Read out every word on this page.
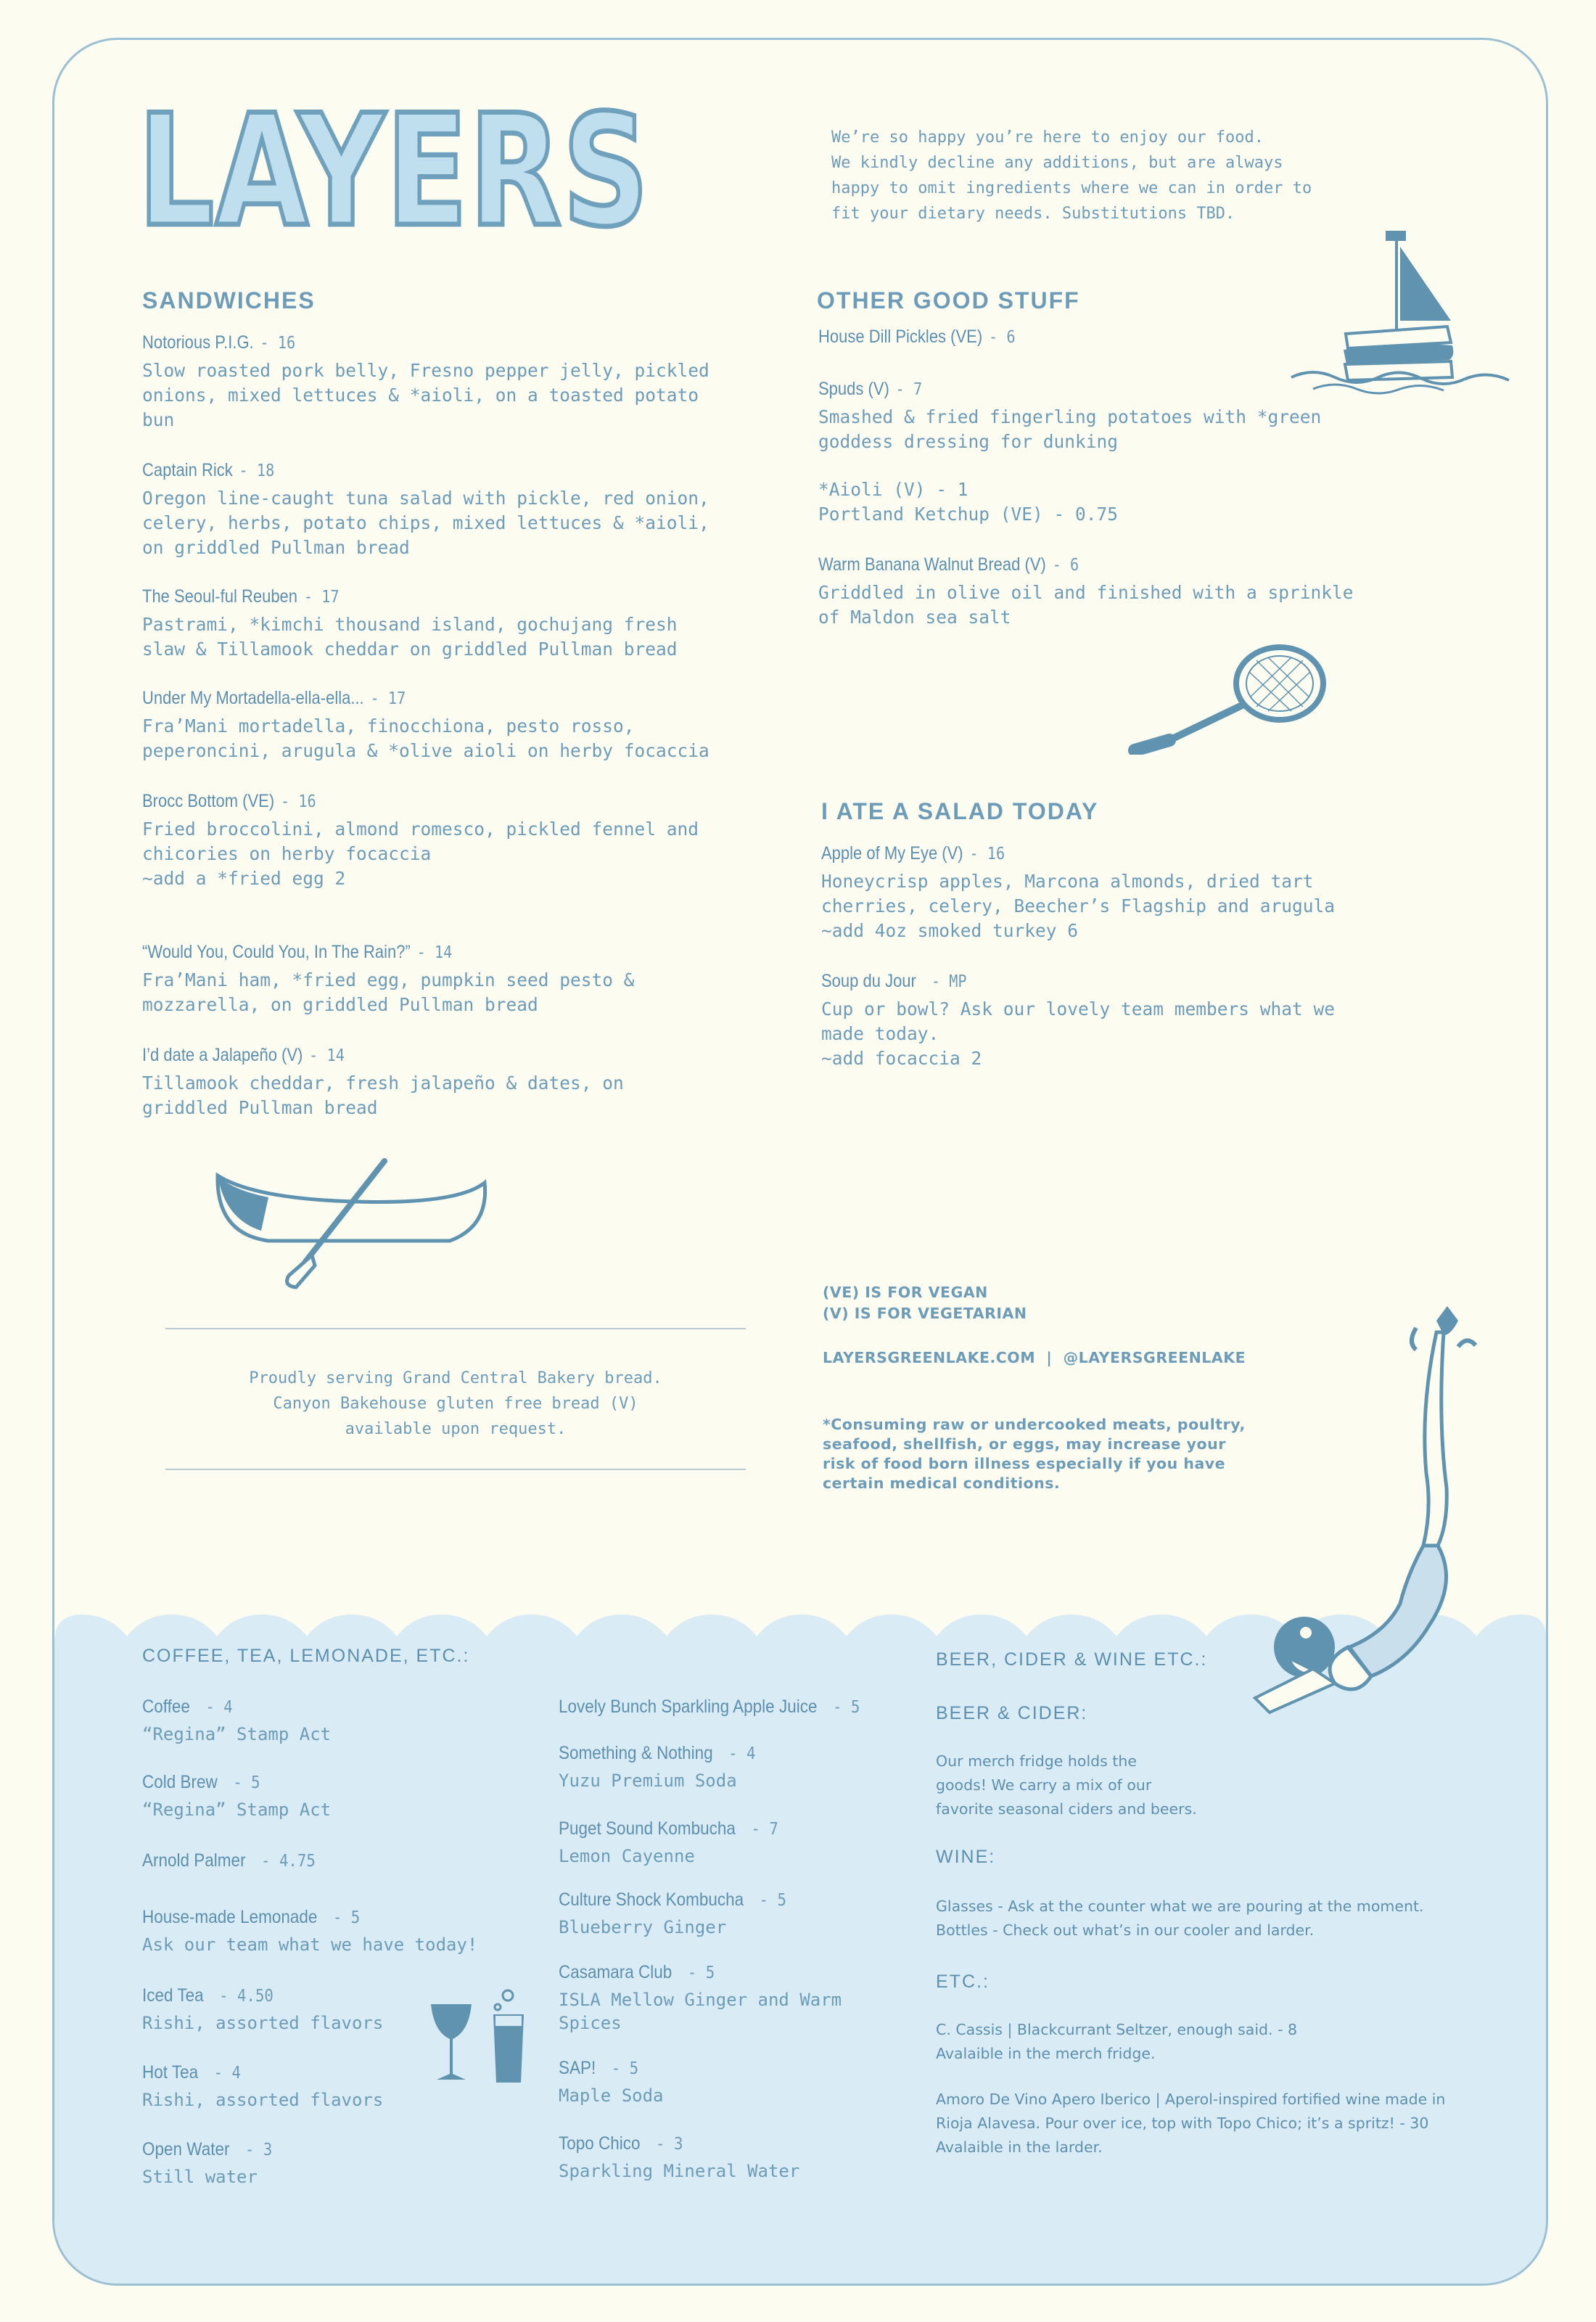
LAYERS	We’re so happy you’re here to enjoy our food.
We kindly decline any additions, but are always
happy to omit ingredients where we can in order to
fit your dietary needs. Substitutions TBD.
SANDWICHES
Notorious P.I.G. - 16
Slow roasted pork belly, Fresno pepper jelly, pickled
onions, mixed lettuces & *aioli, on a toasted potato
bun
Captain Rick - 18
Oregon line-caught tuna salad with pickle, red onion,
celery, herbs, potato chips, mixed lettuces & *aioli,
on griddled Pullman bread
The Seoul-ful Reuben - 17
Pastrami, *kimchi thousand island, gochujang fresh
slaw & Tillamook cheddar on griddled Pullman bread
Under My Mortadella-ella-ella... - 17
Fra’Mani mortadella, finocchiona, pesto rosso,
peperoncini, arugula & *olive aioli on herby focaccia
Brocc Bottom (VE) - 16
Fried broccolini, almond romesco, pickled fennel and
chicories on herby focaccia
~add a *fried egg 2
“Would You, Could You, In The Rain?” - 14
Fra’Mani ham, *fried egg, pumpkin seed pesto &
mozzarella, on griddled Pullman bread
I’d date a Jalapeño (V) - 14
Tillamook cheddar, fresh jalapeño & dates, on
griddled Pullman bread
OTHER GOOD STUFF
House Dill Pickles (VE) - 6
Spuds (V) - 7
Smashed & fried fingerling potatoes with *green
goddess dressing for dunking
*Aioli (V) - 1
Portland Ketchup (VE) - 0.75
Warm Banana Walnut Bread (V) - 6
Griddled in olive oil and finished with a sprinkle
of Maldon sea salt
I ATE A SALAD TODAY
Apple of My Eye (V) - 16
Honeycrisp apples, Marcona almonds, dried tart
cherries, celery, Beecher’s Flagship and arugula
~add 4oz smoked turkey 6
Soup du Jour - MP
Cup or bowl? Ask our lovely team members what we
made today.
~add focaccia 2
Proudly serving Grand Central Bakery bread.
Canyon Bakehouse gluten free bread (V)
available upon request.
(VE) IS FOR VEGAN
(V) IS FOR VEGETARIAN
LAYERSGREENLAKE.COM  |  @LAYERSGREENLAKE
*Consuming raw or undercooked meats, poultry,
seafood, shellfish, or eggs, may increase your
risk of food born illness especially if you have
certain medical conditions.
COFFEE, TEA, LEMONADE, ETC.:
Coffee - 4
“Regina” Stamp Act
Cold Brew - 5
“Regina” Stamp Act
Arnold Palmer - 4.75
House-made Lemonade - 5
Ask our team what we have today!
Iced Tea - 4.50
Rishi, assorted flavors
Hot Tea - 4
Rishi, assorted flavors
Open Water - 3
Still water
Lovely Bunch Sparkling Apple Juice - 5
Something & Nothing - 4
Yuzu Premium Soda
Puget Sound Kombucha - 7
Lemon Cayenne
Culture Shock Kombucha - 5
Blueberry Ginger
Casamara Club - 5
ISLA Mellow Ginger and Warm Spices
SAP! - 5
Maple Soda
Topo Chico - 3
Sparkling Mineral Water
BEER, CIDER & WINE ETC.:
BEER & CIDER:
Our merch fridge holds the
goods! We carry a mix of our
favorite seasonal ciders and beers.
WINE:
Glasses - Ask at the counter what we are pouring at the moment.
Bottles - Check out what’s in our cooler and larder.
ETC.:
C. Cassis | Blackcurrant Seltzer, enough said. - 8
Avalaible in the merch fridge.
Amoro De Vino Apero Iberico | Aperol-inspired fortified wine made in
Rioja Alavesa. Pour over ice, top with Topo Chico; it’s a spritz! - 30
Avalaible in the larder.
